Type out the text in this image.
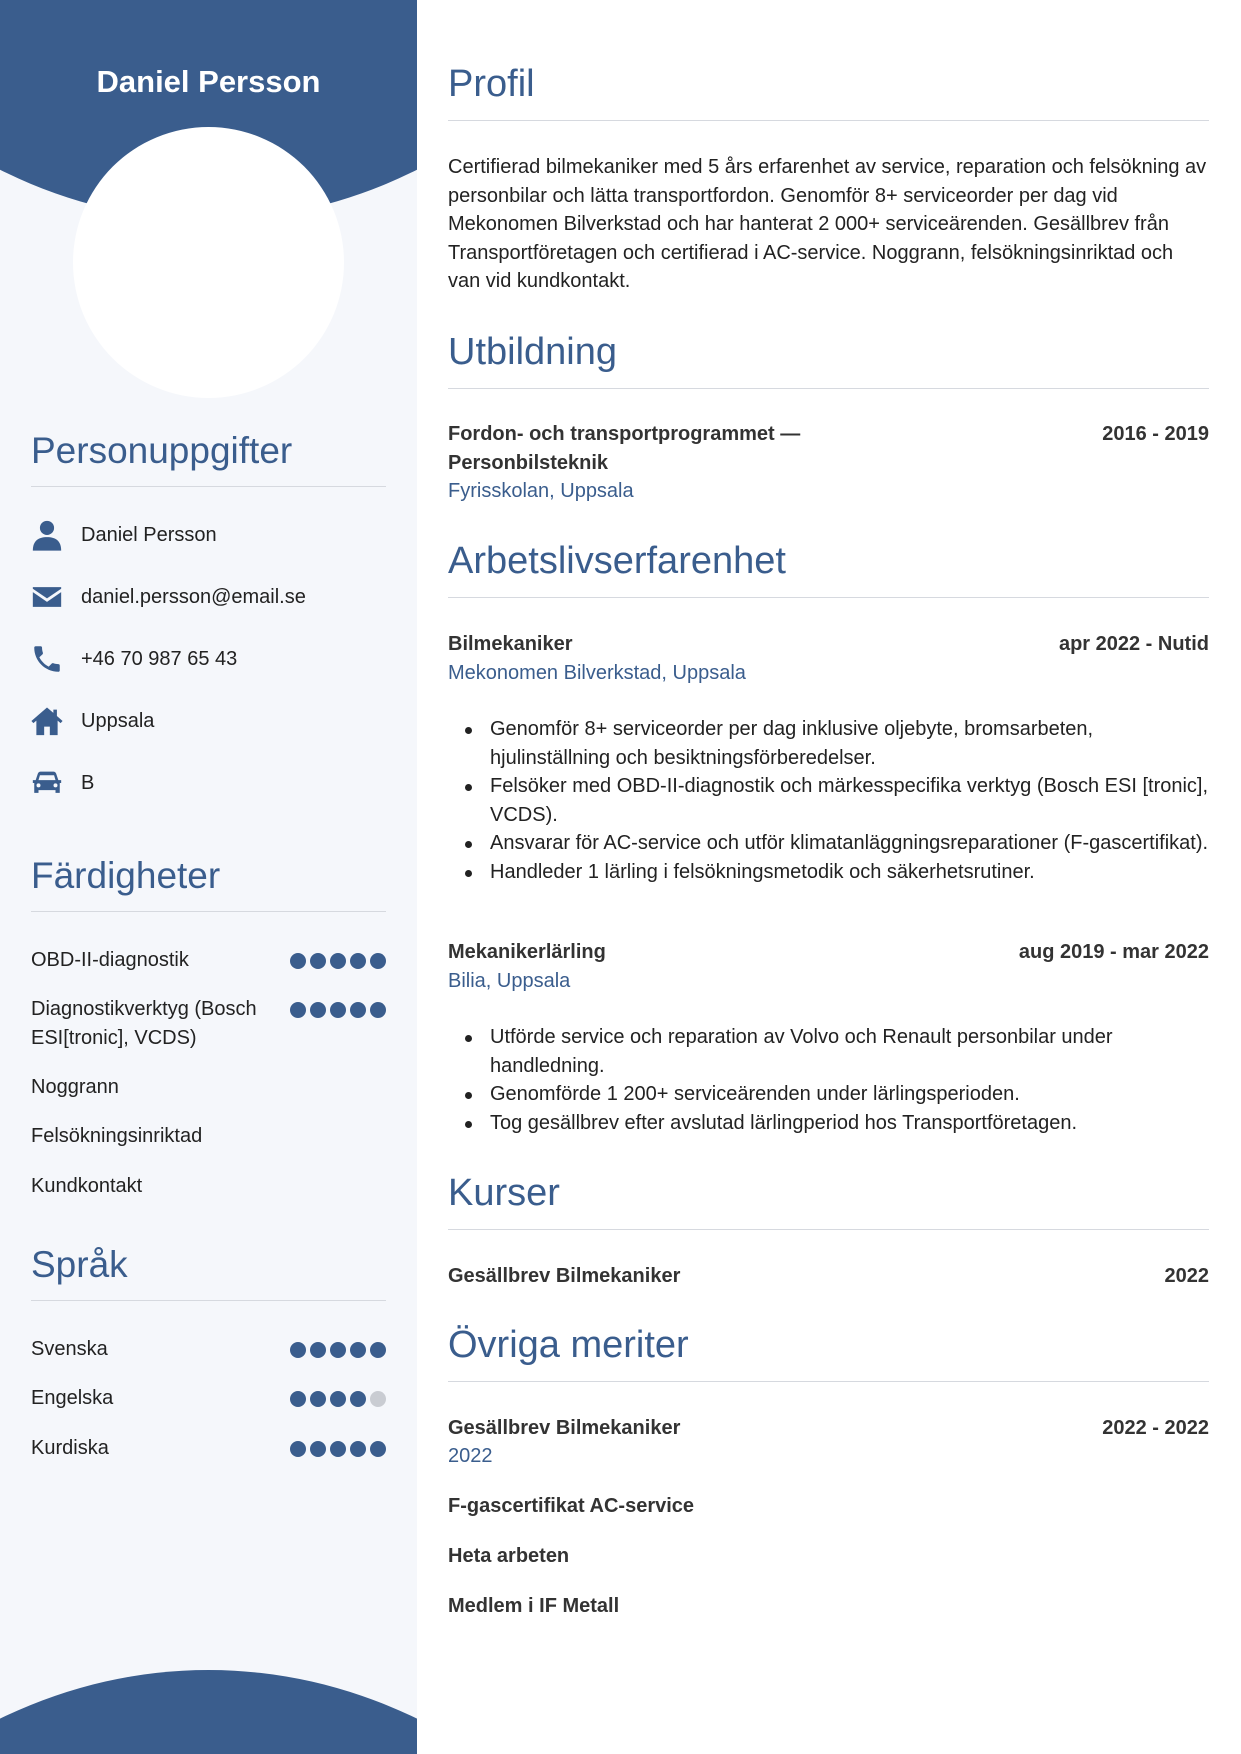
Daniel Persson
Personuppgifter
Daniel Persson
daniel.persson@email.se
+46 70 987 65 43
Uppsala
B
Färdigheter
OBD-II-diagnostik
Diagnostikverktyg (Bosch ESI[tronic], VCDS)
Noggrann
Felsökningsinriktad
Kundkontakt
Språk
Svenska
Engelska
Kurdiska
Profil
Certifierad bilmekaniker med 5 års erfarenhet av service, reparation och felsökning av personbilar och lätta transportfordon. Genomför 8+ serviceorder per dag vid Mekonomen Bilverkstad och har hanterat 2 000+ serviceärenden. Gesällbrev från Transportföretagen och certifierad i AC-service. Noggrann, felsökningsinriktad och van vid kundkontakt.
Utbildning
Fordon- och transportprogrammet — Personbilsteknik
2016 - 2019
Fyrisskolan, Uppsala
Arbetslivserfarenhet
Bilmekaniker	apr 2022 - Nutid
Mekonomen Bilverkstad, Uppsala
Genomför 8+ serviceorder per dag inklusive oljebyte, bromsarbeten, hjulinställning och besiktningsförberedelser.
Felsöker med OBD-II-diagnostik och märkesspecifika verktyg (Bosch ESI [tronic], VCDS).
Ansvarar för AC-service och utför klimatanläggningsreparationer (F-gascertifikat).
Handleder 1 lärling i felsökningsmetodik och säkerhetsrutiner.
Mekanikerlärling	aug 2019 - mar 2022
Bilia, Uppsala
Utförde service och reparation av Volvo och Renault personbilar under handledning.
Genomförde 1 200+ serviceärenden under lärlingsperioden.
Tog gesällbrev efter avslutad lärlingperiod hos Transportföretagen.
Kurser
Gesällbrev Bilmekaniker	2022
Övriga meriter
Gesällbrev Bilmekaniker	2022 - 2022
2022
F-gascertifikat AC-service
Heta arbeten
Medlem i IF Metall
